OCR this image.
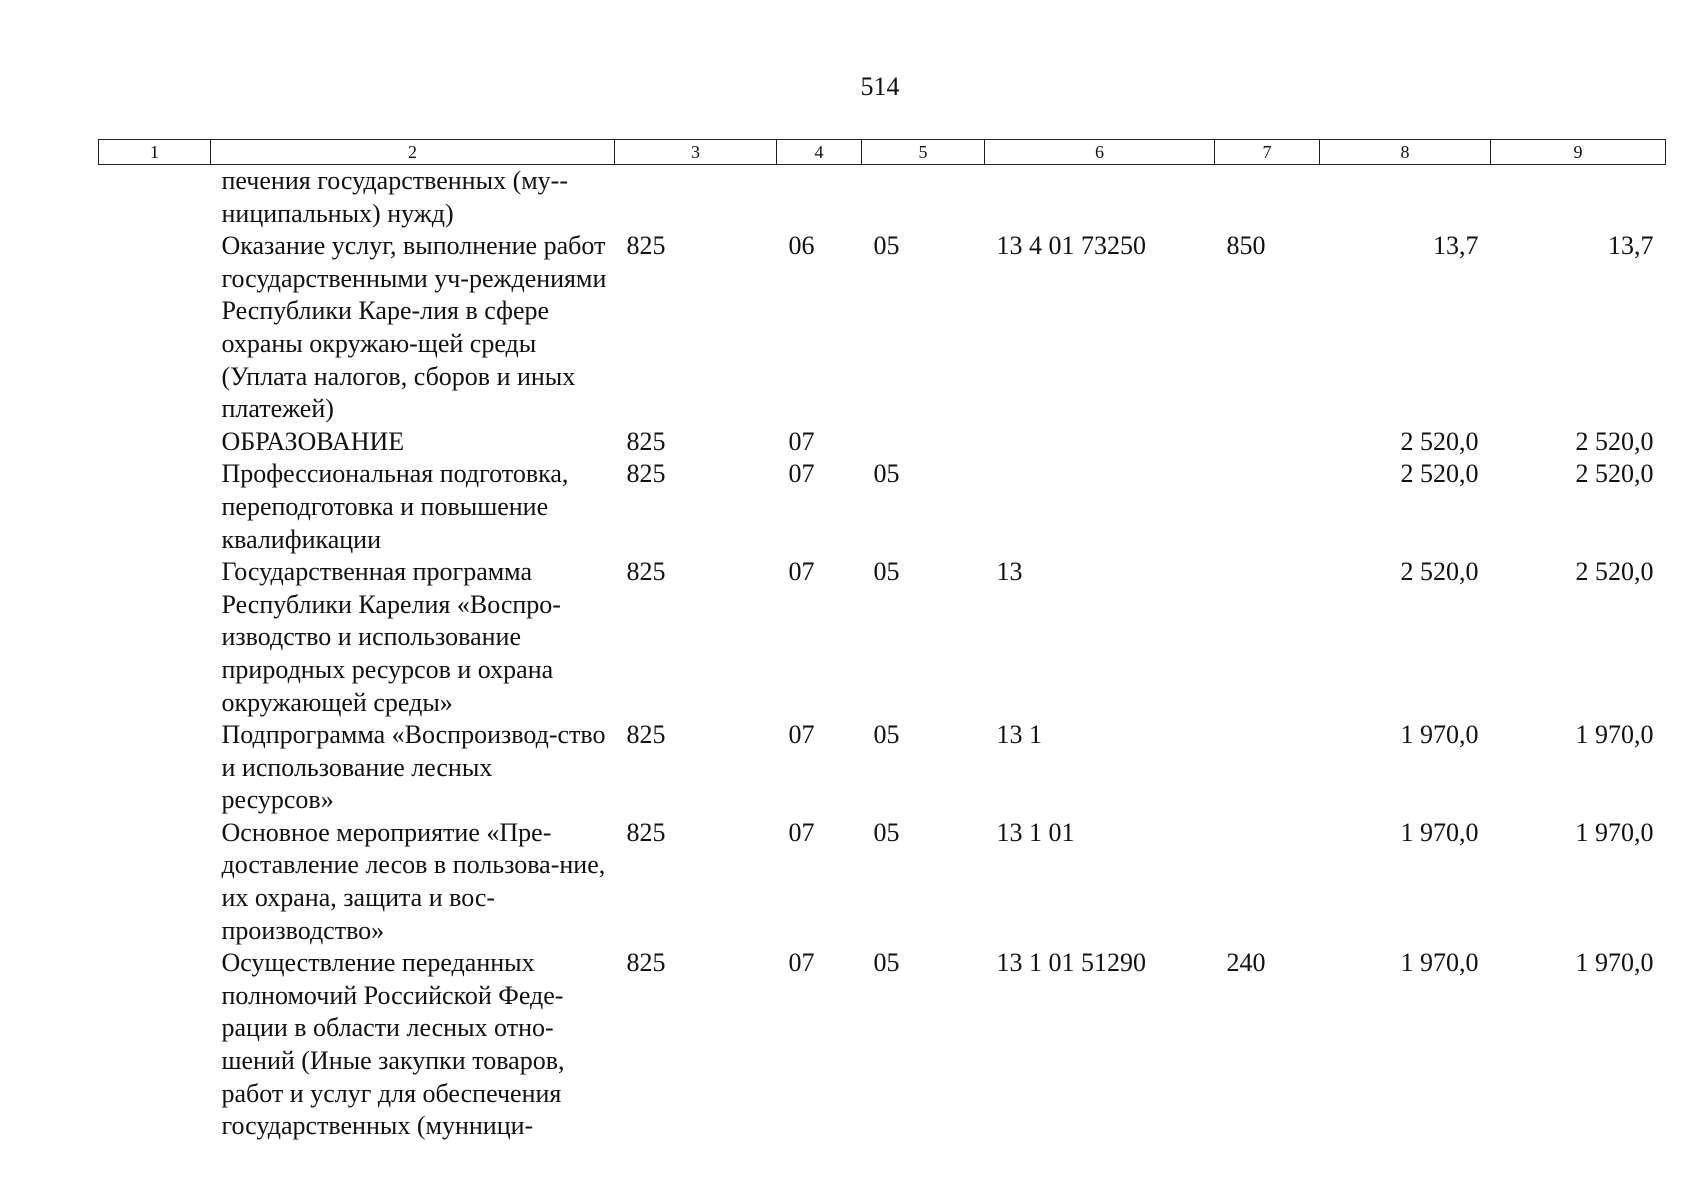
514
1	2	3	4	5	6	7	8	9
	печения государственных (му-ниципальных) нужд)							
	Оказание услуг, выполнение работ государственными уч-реждениями Республики Каре-лия в сфере охраны окружаю-щей среды (Уплата налогов, сборов и иных платежей)	825	06	05	13 4 01 73250	850	13,7	13,7
	ОБРАЗОВАНИЕ	825	07				2 520,0	2 520,0
	Профессиональная подготовка, переподготовка и повышение квалификации	825	07	05			2 520,0	2 520,0
	Государственная программа Республики Карелия «Воспро-изводство и использование природных ресурсов и охрана окружающей среды»	825	07	05	13		2 520,0	2 520,0
	Подпрограмма «Воспроизвод-ство и использование лесных ресурсов»	825	07	05	13 1		1 970,0	1 970,0
	Основное мероприятие «Пре-доставление лесов в пользова-ние, их охрана, защита и вос-производство»	825	07	05	13 1 01		1 970,0	1 970,0
	Осуществление переданных полномочий Российской Феде-рации в области лесных отно-шений (Иные закупки товаров, работ и услуг для обеспечения государственных (мунници-	825	07	05	13 1 01 51290	240	1 970,0	1 970,0
